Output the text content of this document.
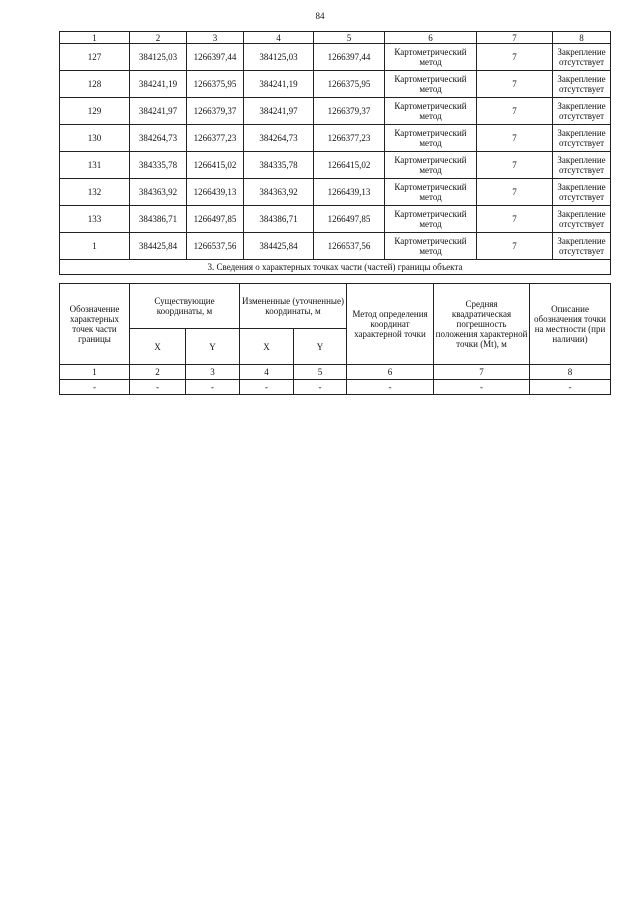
84
1	2	3	4	5	6	7	8
127	384125,03	1266397,44	384125,03	1266397,44	Картометрический метод	7	Закрепление отсутствует
128	384241,19	1266375,95	384241,19	1266375,95	Картометрический метод	7	Закрепление отсутствует
129	384241,97	1266379,37	384241,97	1266379,37	Картометрический метод	7	Закрепление отсутствует
130	384264,73	1266377,23	384264,73	1266377,23	Картометрический метод	7	Закрепление отсутствует
131	384335,78	1266415,02	384335,78	1266415,02	Картометрический метод	7	Закрепление отсутствует
132	384363,92	1266439,13	384363,92	1266439,13	Картометрический метод	7	Закрепление отсутствует
133	384386,71	1266497,85	384386,71	1266497,85	Картометрический метод	7	Закрепление отсутствует
1	384425,84	1266537,56	384425,84	1266537,56	Картометрический метод	7	Закрепление отсутствует
3. Сведения о характерных точках части (частей) границы объекта							
Обозначение характерных точек части границы	Существующие координаты, м		Измененные (уточненные) координаты, м		Метод определения координат характерной точки	Средняя квадратическая погрешность положения характерной точки (Mt), м	Описание обозначения точки на местности (при наличии)
	X	Y	X	Y			
1	2	3	4	5	6	7	8
-	-	-	-	-	-	-	-
